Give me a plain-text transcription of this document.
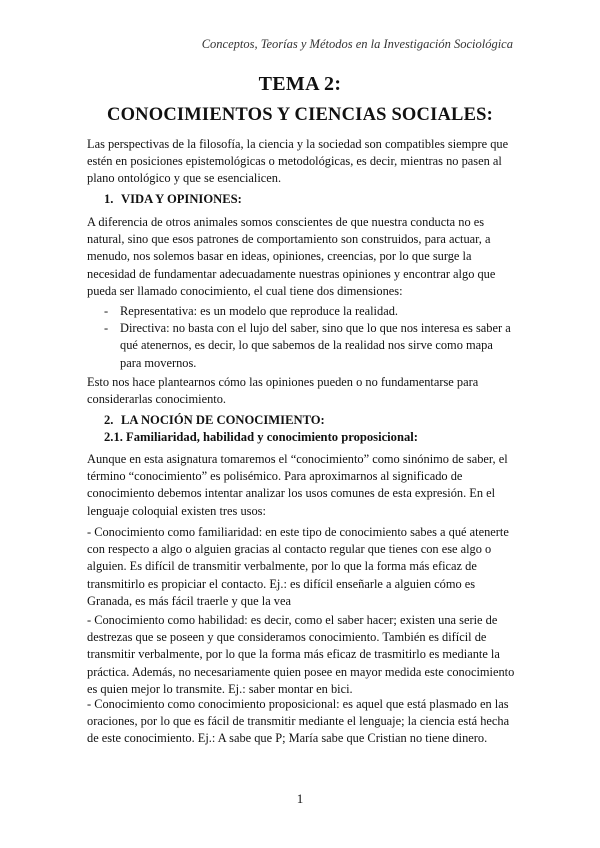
Conceptos, Teorías y Métodos en la Investigación Sociológica
TEMA 2:
CONOCIMIENTOS Y CIENCIAS SOCIALES:
Las perspectivas de la filosofía, la ciencia y la sociedad son compatibles siempre que estén en posiciones epistemológicas o metodológicas, es decir, mientras no pasen al plano ontológico y que se esencialicen.
1. VIDA Y OPINIONES:
A diferencia de otros animales somos conscientes de que nuestra conducta no es natural, sino que esos patrones de comportamiento son construidos, para actuar, a menudo, nos solemos basar en ideas, opiniones, creencias, por lo que surge la necesidad de fundamentar adecuadamente nuestras opiniones y encontrar algo que pueda ser llamado conocimiento, el cual tiene dos dimensiones:
- Representativa: es un modelo que reproduce la realidad.
- Directiva: no basta con el lujo del saber, sino que lo que nos interesa es saber a qué atenernos, es decir, lo que sabemos de la realidad nos sirve como mapa para movernos.
Esto nos hace plantearnos cómo las opiniones pueden o no fundamentarse para considerarlas conocimiento.
2. LA NOCIÓN DE CONOCIMIENTO:
2.1. Familiaridad, habilidad y conocimiento proposicional:
Aunque en esta asignatura tomaremos el “conocimiento” como sinónimo de saber, el término “conocimiento” es polisémico. Para aproximarnos al significado de conocimiento debemos intentar analizar los usos comunes de esta expresión. En el lenguaje coloquial existen tres usos:
- Conocimiento como familiaridad: en este tipo de conocimiento sabes a qué atenerte con respecto a algo o alguien gracias al contacto regular que tienes con ese algo o alguien. Es difícil de transmitir verbalmente, por lo que la forma más eficaz de transmitirlo es propiciar el contacto. Ej.: es difícil enseñarle a alguien cómo es Granada, es más fácil traerle y que la vea
- Conocimiento como habilidad: es decir, como el saber hacer; existen una serie de destrezas que se poseen y que consideramos conocimiento. También es difícil de transmitir verbalmente, por lo que la forma más eficaz de trasmitirlo es mediante la práctica. Además, no necesariamente quien posee en mayor medida este conocimiento es quien mejor lo transmite. Ej.: saber montar en bici.
- Conocimiento como conocimiento proposicional: es aquel que está plasmado en las oraciones, por lo que es fácil de transmitir mediante el lenguaje; la ciencia está hecha de este conocimiento. Ej.: A sabe que P; María sabe que Cristian no tiene dinero.
1
